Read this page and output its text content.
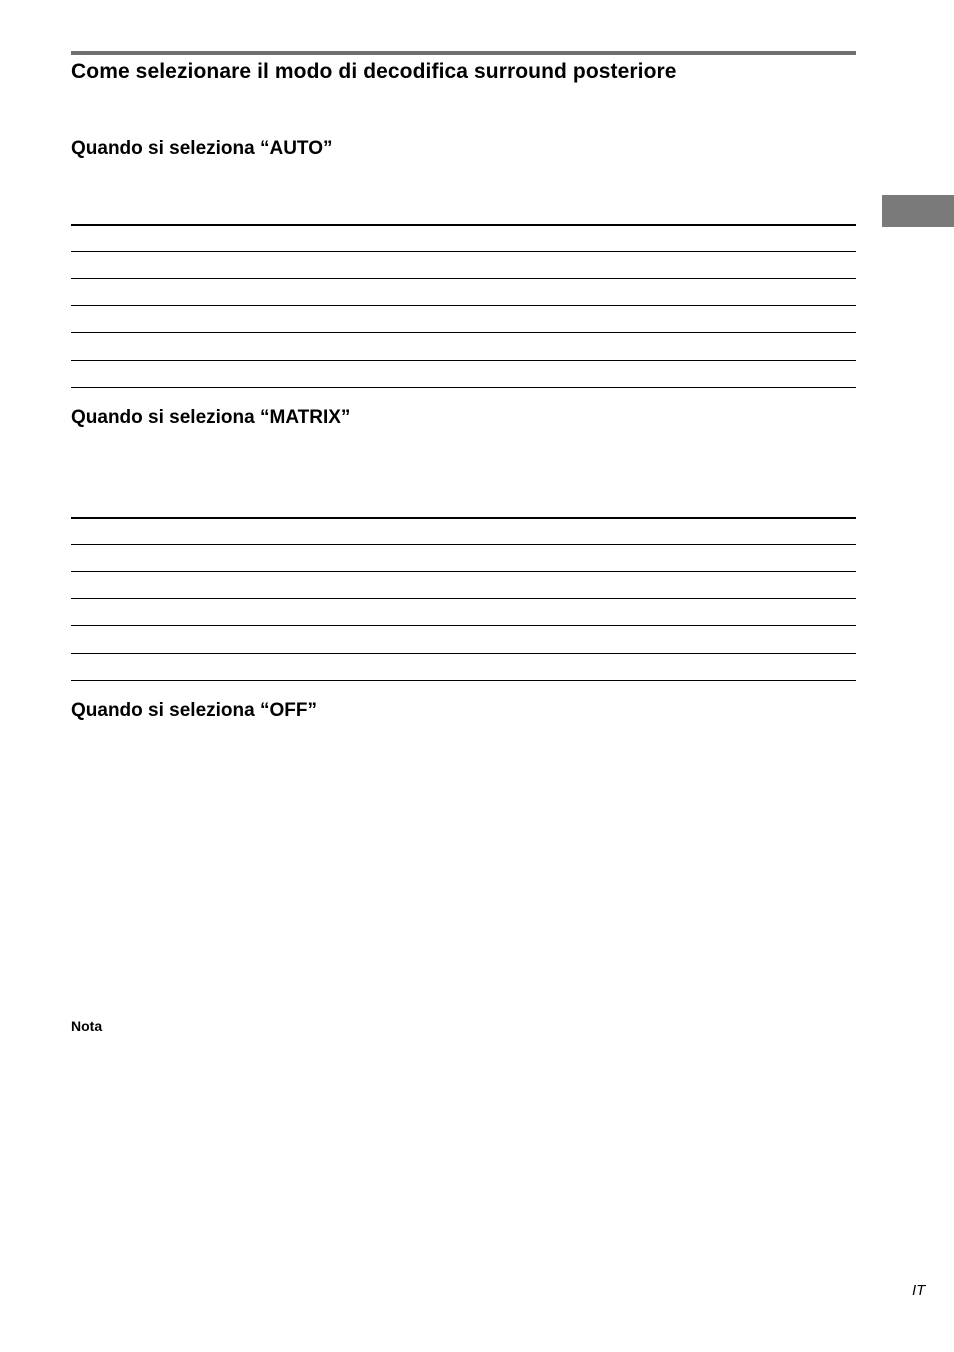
Come selezionare il modo di decodifica surround posteriore
Quando si seleziona “AUTO”
Quando si seleziona “MATRIX”
Quando si seleziona “OFF”
Nota
IT
